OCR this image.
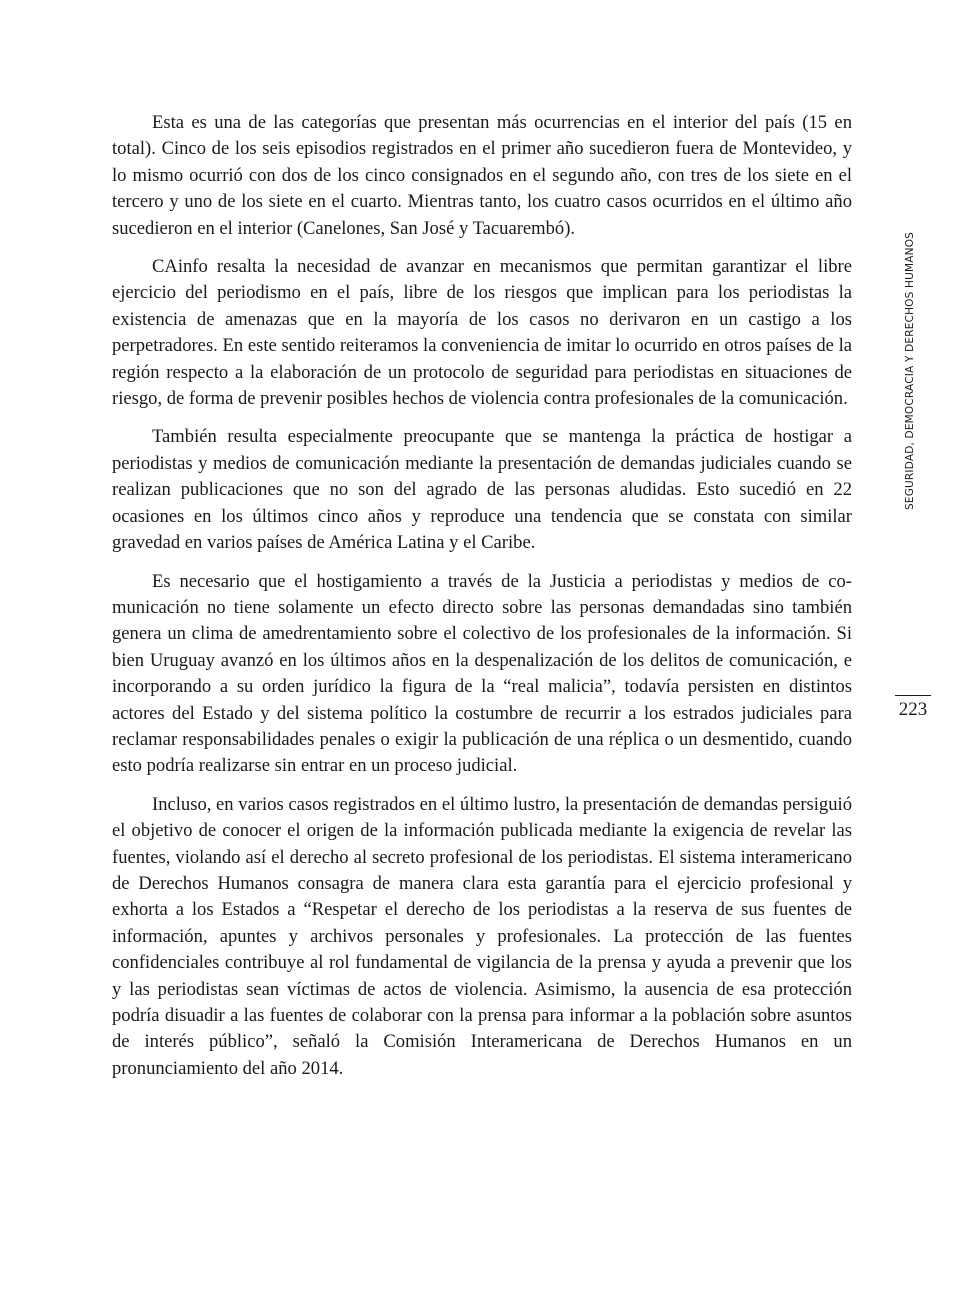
Esta es una de las categorías que presentan más ocurrencias en el interior del país (15 en total). Cinco de los seis episodios registrados en el primer año sucedieron fuera de Montevideo, y lo mismo ocurrió con dos de los cinco consignados en el segundo año, con tres de los siete en el tercero y uno de los siete en el cuarto. Mientras tanto, los cuatro casos ocurridos en el último año sucedieron en el interior (Canelones, San José y Tacuarembó).

CAinfo resalta la necesidad de avanzar en mecanismos que permitan garantizar el libre ejercicio del periodismo en el país, libre de los riesgos que implican para los periodistas la existencia de amenazas que en la mayoría de los casos no derivaron en un castigo a los perpetradores. En este sentido reiteramos la conveniencia de imitar lo ocurrido en otros países de la región respecto a la elaboración de un protocolo de seguridad para periodistas en situaciones de riesgo, de forma de prevenir posibles hechos de violencia contra profesionales de la comunicación.

También resulta especialmente preocupante que se mantenga la práctica de hostigar a periodistas y medios de comunicación mediante la presentación de demandas judiciales cuando se realizan publicaciones que no son del agrado de las personas aludidas. Esto sucedió en 22 ocasiones en los últimos cinco años y reproduce una tendencia que se constata con similar gravedad en varios países de América Latina y el Caribe.

Es necesario que el hostigamiento a través de la Justicia a periodistas y medios de comunicación no tiene solamente un efecto directo sobre las personas demandadas sino también genera un clima de amedrentamiento sobre el colectivo de los profesionales de la información. Si bien Uruguay avanzó en los últimos años en la despenalización de los delitos de comunicación, e incorporando a su orden jurídico la figura de la “real malicia”, todavía persisten en distintos actores del Estado y del sistema político la costumbre de recurrir a los estrados judiciales para reclamar responsabilidades penales o exigir la publicación de una réplica o un desmentido, cuando esto podría realizarse sin entrar en un proceso judicial.

Incluso, en varios casos registrados en el último lustro, la presentación de demandas persiguió el objetivo de conocer el origen de la información publicada mediante la exigencia de revelar las fuentes, violando así el derecho al secreto profesional de los periodistas. El sistema interamericano de Derechos Humanos consagra de manera clara esta garantía para el ejercicio profesional y exhorta a los Estados a “Respetar el derecho de los periodistas a la reserva de sus fuentes de información, apuntes y archivos personales y profesionales. La protección de las fuentes confidenciales contribuye al rol fundamental de vigilancia de la prensa y ayuda a prevenir que los y las periodistas sean víctimas de actos de violencia. Asimismo, la ausencia de esa protección podría disuadir a las fuentes de colaborar con la prensa para informar a la población sobre asuntos de interés público”, señaló la Comisión Interamericana de Derechos Humanos en un pronunciamiento del año 2014.

SEGURIDAD, DEMOCRACIA Y DERECHOS HUMANOS
223
